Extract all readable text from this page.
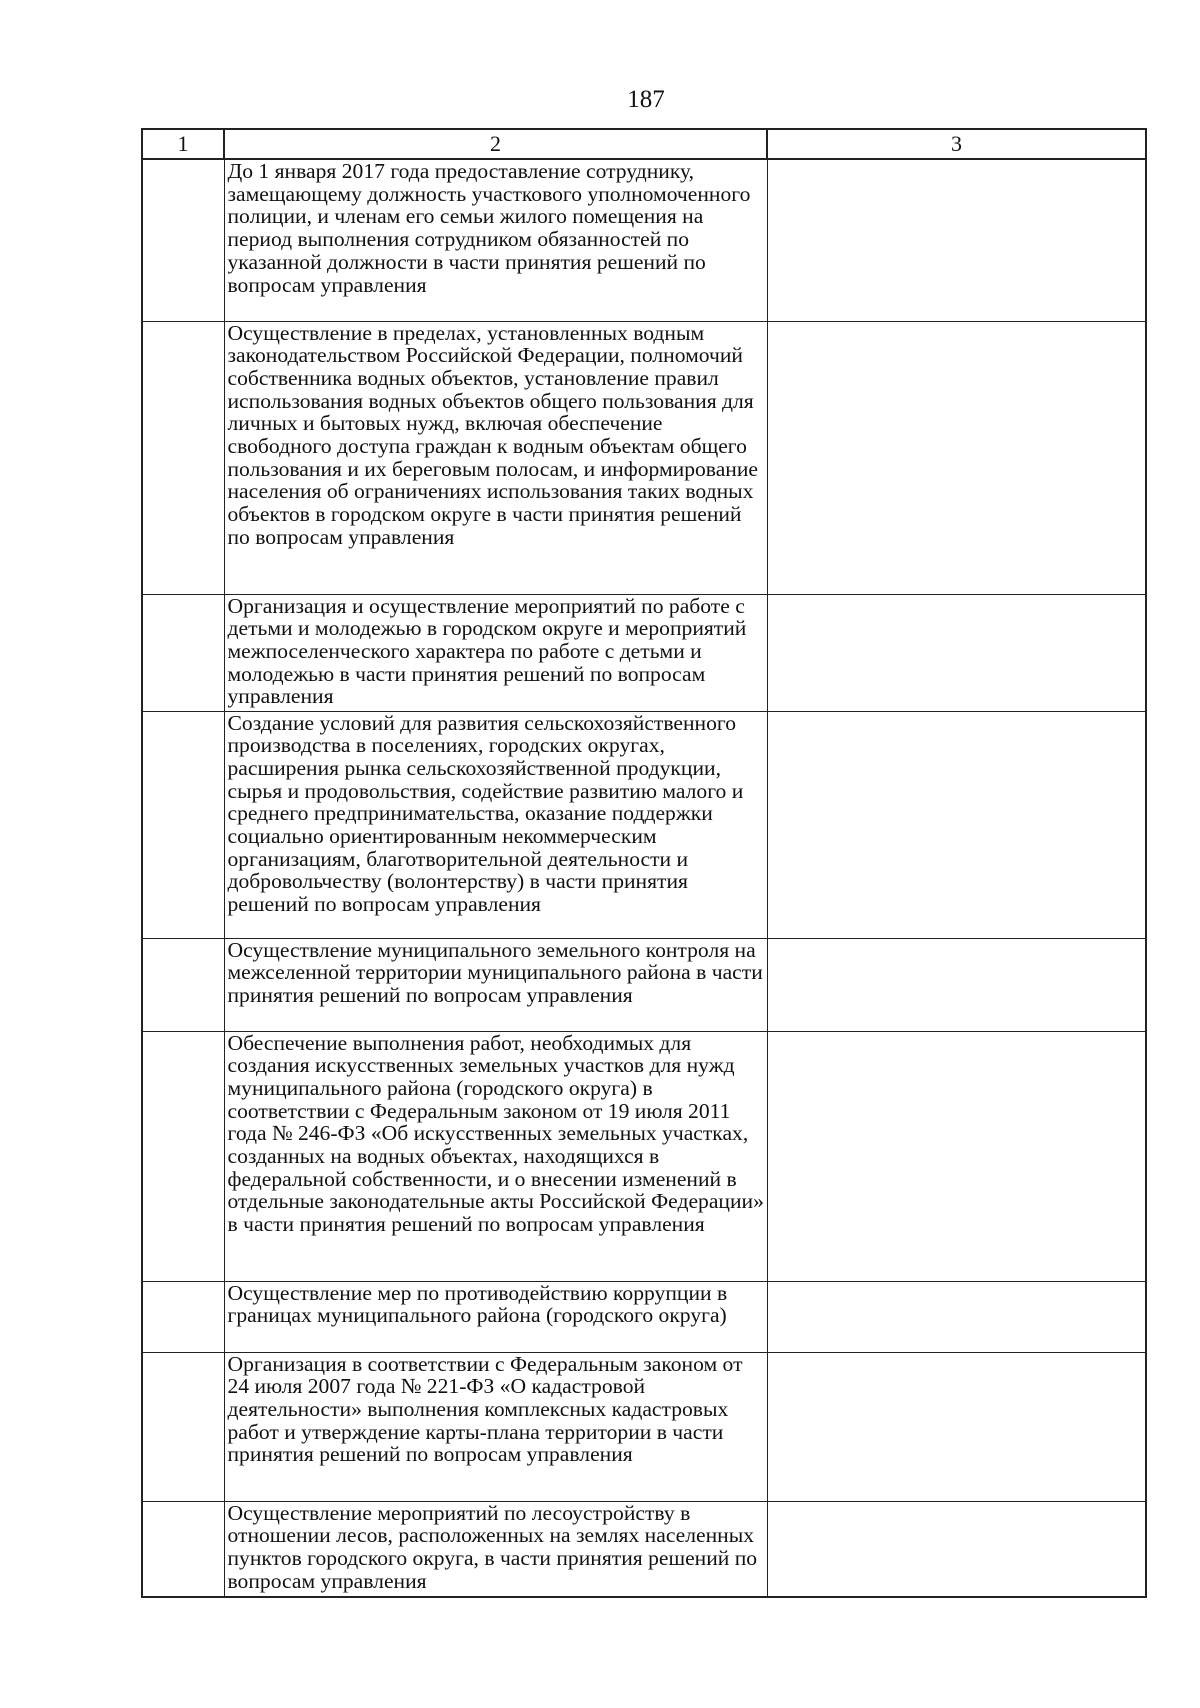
187
1	2	3
	До 1 января 2017 года предоставление сотруднику, замещающему должность участкового уполномоченного полиции, и членам его семьи жилого помещения на период выполнения сотрудником обязанностей по указанной должности в части принятия решений по вопросам управления	
	Осуществление в пределах, установленных водным законодательством Российской Федерации, полномочий собственника водных объектов, установление правил использования водных объектов общего пользования для личных и бытовых нужд, включая обеспечение свободного доступа граждан к водным объектам общего пользования и их береговым полосам, и информирование населения об ограничениях использования таких водных объектов в городском округе в части принятия решений по вопросам управления	
	Организация и осуществление мероприятий по работе с детьми и молодежью в городском округе и мероприятий межпоселенческого характера по работе с детьми и молодежью в части принятия решений по вопросам управления	
	Создание условий для развития сельскохозяйственного производства в поселениях, городских округах, расширения рынка сельскохозяйственной продукции, сырья и продовольствия, содействие развитию малого и среднего предпринимательства, оказание поддержки социально ориентированным некоммерческим организациям, благотворительной деятельности и добровольчеству (волонтерству) в части принятия решений по вопросам управления	
	Осуществление муниципального земельного контроля на межселенной территории муниципального района в части принятия решений по вопросам управления	
	Обеспечение выполнения работ, необходимых для создания искусственных земельных участков для нужд муниципального района (городского округа) в соответствии с Федеральным законом от 19 июля 2011 года № 246-ФЗ «Об искусственных земельных участках, созданных на водных объектах, находящихся в федеральной собственности, и о внесении изменений в отдельные законодательные акты Российской Федерации» в части принятия решений по вопросам управления	
	Осуществление мер по противодействию коррупции в границах муниципального района (городского округа)	
	Организация в соответствии с Федеральным законом от 24 июля 2007 года № 221-ФЗ «О кадастровой деятельности» выполнения комплексных кадастровых работ и утверждение карты-плана территории в части принятия решений по вопросам управления	
	Осуществление мероприятий по лесоустройству в отношении лесов, расположенных на землях населенных пунктов городского округа, в части принятия решений по вопросам управления	
